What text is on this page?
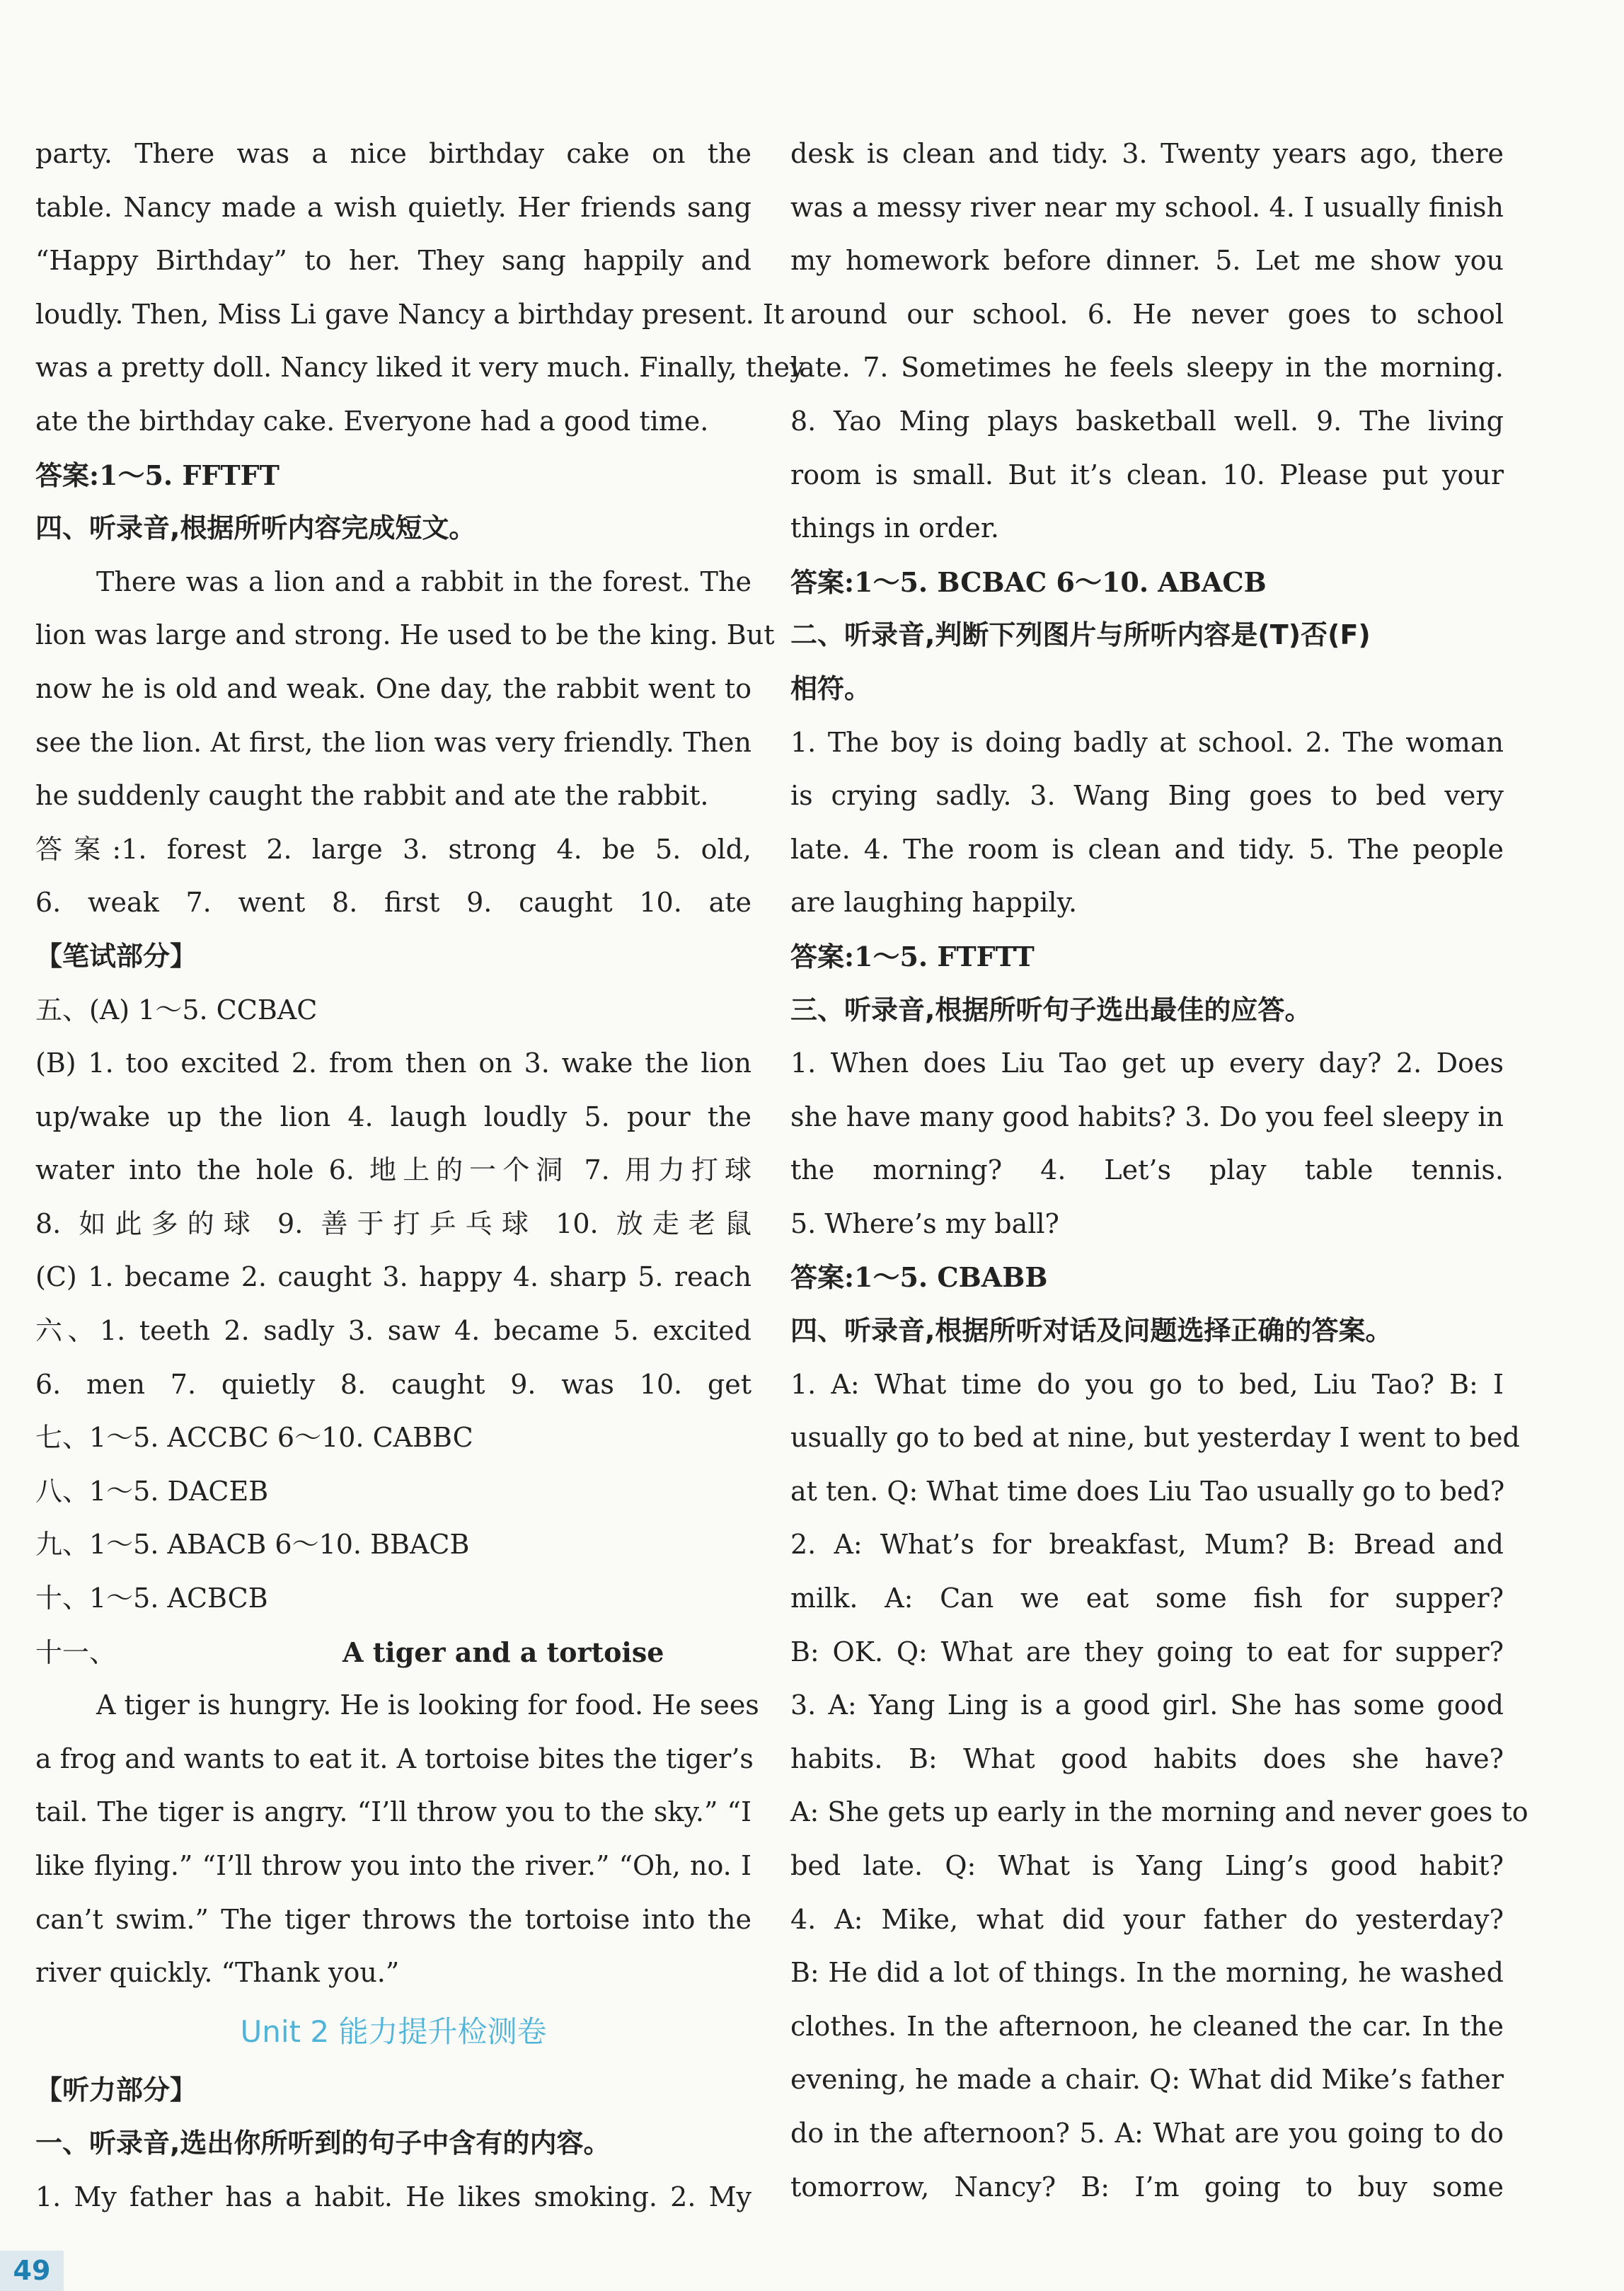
party. There was a nice birthday cake on the
table. Nancy made a wish quietly. Her friends sang
“Happy Birthday” to her. They sang happily and
loudly. Then, Miss Li gave Nancy a birthday present. It
was a pretty doll. Nancy liked it very much. Finally, they
ate the birthday cake. Everyone had a good time.
答案:1～5. FFTFT
四、听录音,根据所听内容完成短文。
There was a lion and a rabbit in the forest. The
lion was large and strong. He used to be the king. But
now he is old and weak. One day, the rabbit went to
see the lion. At first, the lion was very friendly. Then
he suddenly caught the rabbit and ate the rabbit.
答案:1. forest 2. large 3. strong 4. be 5. old,
6. weak 7. went 8. first 9. caught 10. ate
【笔试部分】
五、(A) 1～5. CCBAC
(B) 1. too excited 2. from then on 3. wake the lion
up/wake up the lion 4. laugh loudly 5. pour the
water into the hole 6. 地上的一个洞 7. 用力打球
8. 如此多的球 9. 善于打乒乓球 10. 放走老鼠
(C) 1. became 2. caught 3. happy 4. sharp 5. reach
六、1. teeth 2. sadly 3. saw 4. became 5. excited
6. men 7. quietly 8. caught 9. was 10. get
七、1～5. ACCBC 6～10. CABBC
八、1～5. DACEB
九、1～5. ABACB 6～10. BBACB
十、1～5. ACBCB
十一、	A tiger and a tortoise
A tiger is hungry. He is looking for food. He sees
a frog and wants to eat it. A tortoise bites the tiger’s
tail. The tiger is angry. “I’ll throw you to the sky.” “I
like flying.” “I’ll throw you into the river.” “Oh, no. I
can’t swim.” The tiger throws the tortoise into the
river quickly. “Thank you.”
Unit 2 能力提升检测卷
【听力部分】
一、听录音,选出你所听到的句子中含有的内容。
1. My father has a habit. He likes smoking. 2. My
desk is clean and tidy. 3. Twenty years ago, there
was a messy river near my school. 4. I usually finish
my homework before dinner. 5. Let me show you
around our school. 6. He never goes to school
late. 7. Sometimes he feels sleepy in the morning.
8. Yao Ming plays basketball well. 9. The living
room is small. But it’s clean. 10. Please put your
things in order.
答案:1～5. BCBAC 6～10. ABACB
二、听录音,判断下列图片与所听内容是(T)否(F)
相符。
1. The boy is doing badly at school. 2. The woman
is crying sadly. 3. Wang Bing goes to bed very
late. 4. The room is clean and tidy. 5. The people
are laughing happily.
答案:1～5. FTFTT
三、听录音,根据所听句子选出最佳的应答。
1. When does Liu Tao get up every day? 2. Does
she have many good habits? 3. Do you feel sleepy in
the morning? 4. Let’s play table tennis.
5. Where’s my ball?
答案:1～5. CBABB
四、听录音,根据所听对话及问题选择正确的答案。
1. A: What time do you go to bed, Liu Tao? B: I
usually go to bed at nine, but yesterday I went to bed
at ten. Q: What time does Liu Tao usually go to bed?
2. A: What’s for breakfast, Mum? B: Bread and
milk. A: Can we eat some fish for supper?
B: OK. Q: What are they going to eat for supper?
3. A: Yang Ling is a good girl. She has some good
habits. B: What good habits does she have?
A: She gets up early in the morning and never goes to
bed late. Q: What is Yang Ling’s good habit?
4. A: Mike, what did your father do yesterday?
B: He did a lot of things. In the morning, he washed
clothes. In the afternoon, he cleaned the car. In the
evening, he made a chair. Q: What did Mike’s father
do in the afternoon? 5. A: What are you going to do
tomorrow, Nancy? B: I’m going to buy some
49
